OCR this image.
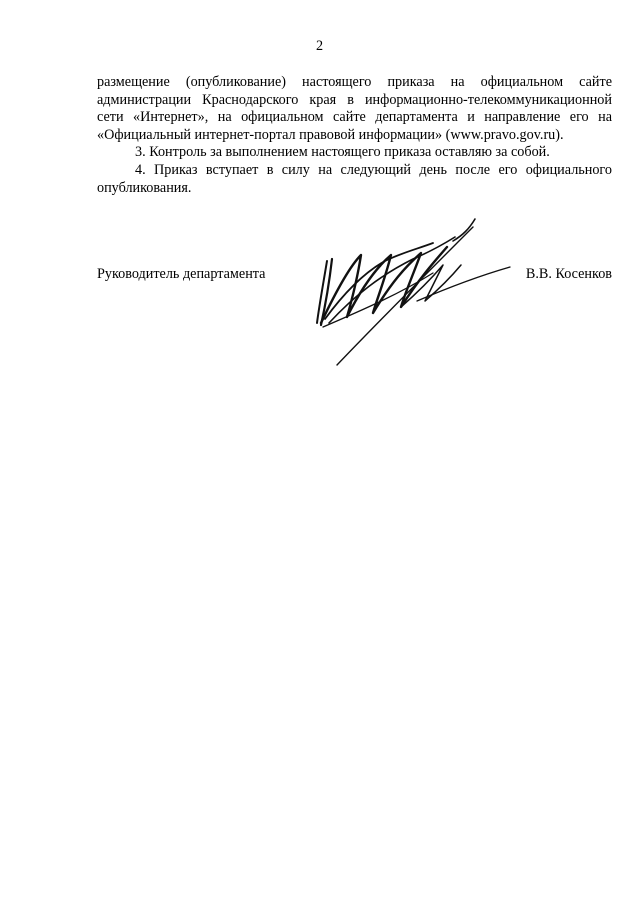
2

размещение (опубликование) настоящего приказа на официальном сайте администрации Краснодарского края в информационно-телекоммуникационной сети «Интернет», на официальном сайте департамента и направление его на «Официальный интернет-портал правовой информации» (www.pravo.gov.ru).

3. Контроль за выполнением настоящего приказа оставляю за собой.

4. Приказ вступает в силу на следующий день после его официального опубликования.

Руководитель департамента	В.В. Косенков
